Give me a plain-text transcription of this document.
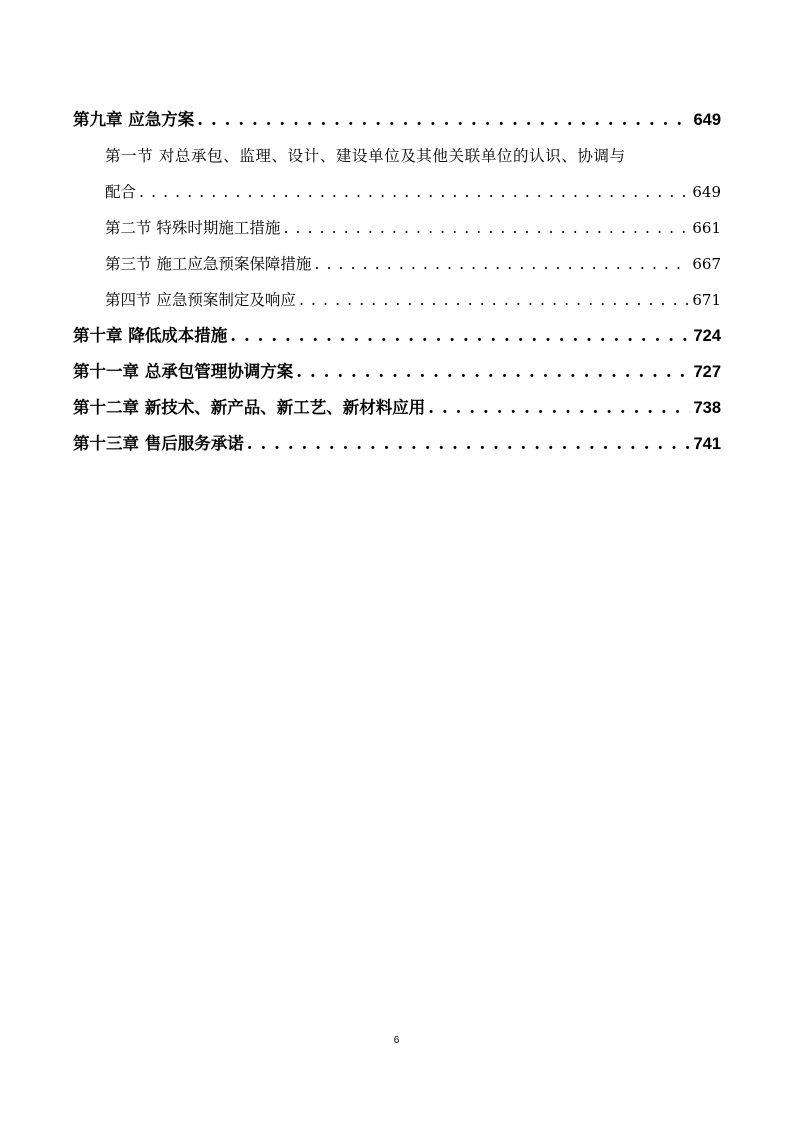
第九章 应急方案 . . .	649
第一节 对总承包、监理、设计、建设单位及其他关联单位的认识、协调与
配合 . . .	649
第二节 特殊时期施工措施 . . .	661
第三节 施工应急预案保障措施 . . .	667
第四节 应急预案制定及响应 . . .	671
第十章 降低成本措施 . . .	724
第十一章 总承包管理协调方案 . . .	727
第十二章 新技术、新产品、新工艺、新材料应用 . . .	738
第十三章 售后服务承诺 . . .	741
6
